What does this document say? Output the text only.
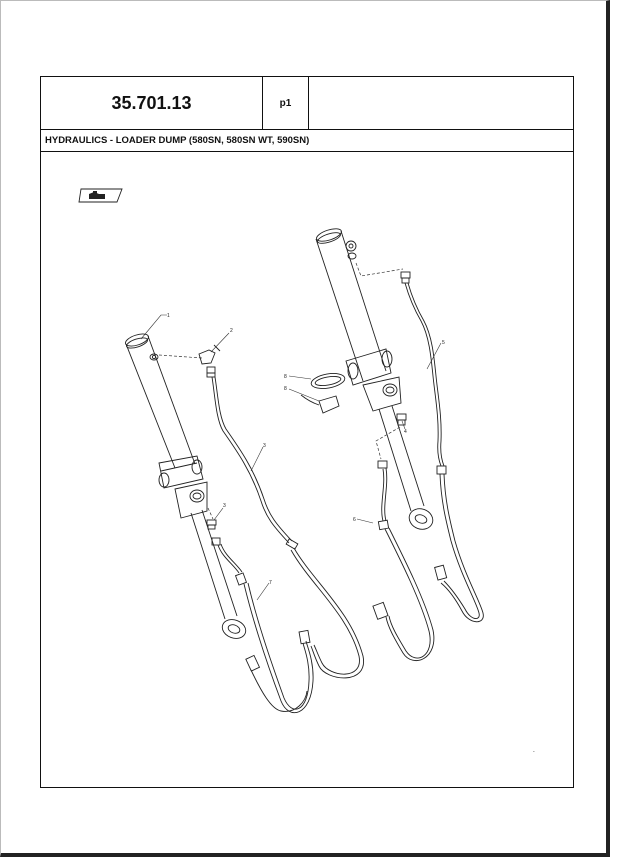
35.701.13	p1
HYDRAULICS - LOADER DUMP (580SN, 580SN WT, 590SN)
1
2
3
3
7
5
6
8
8
4
-
